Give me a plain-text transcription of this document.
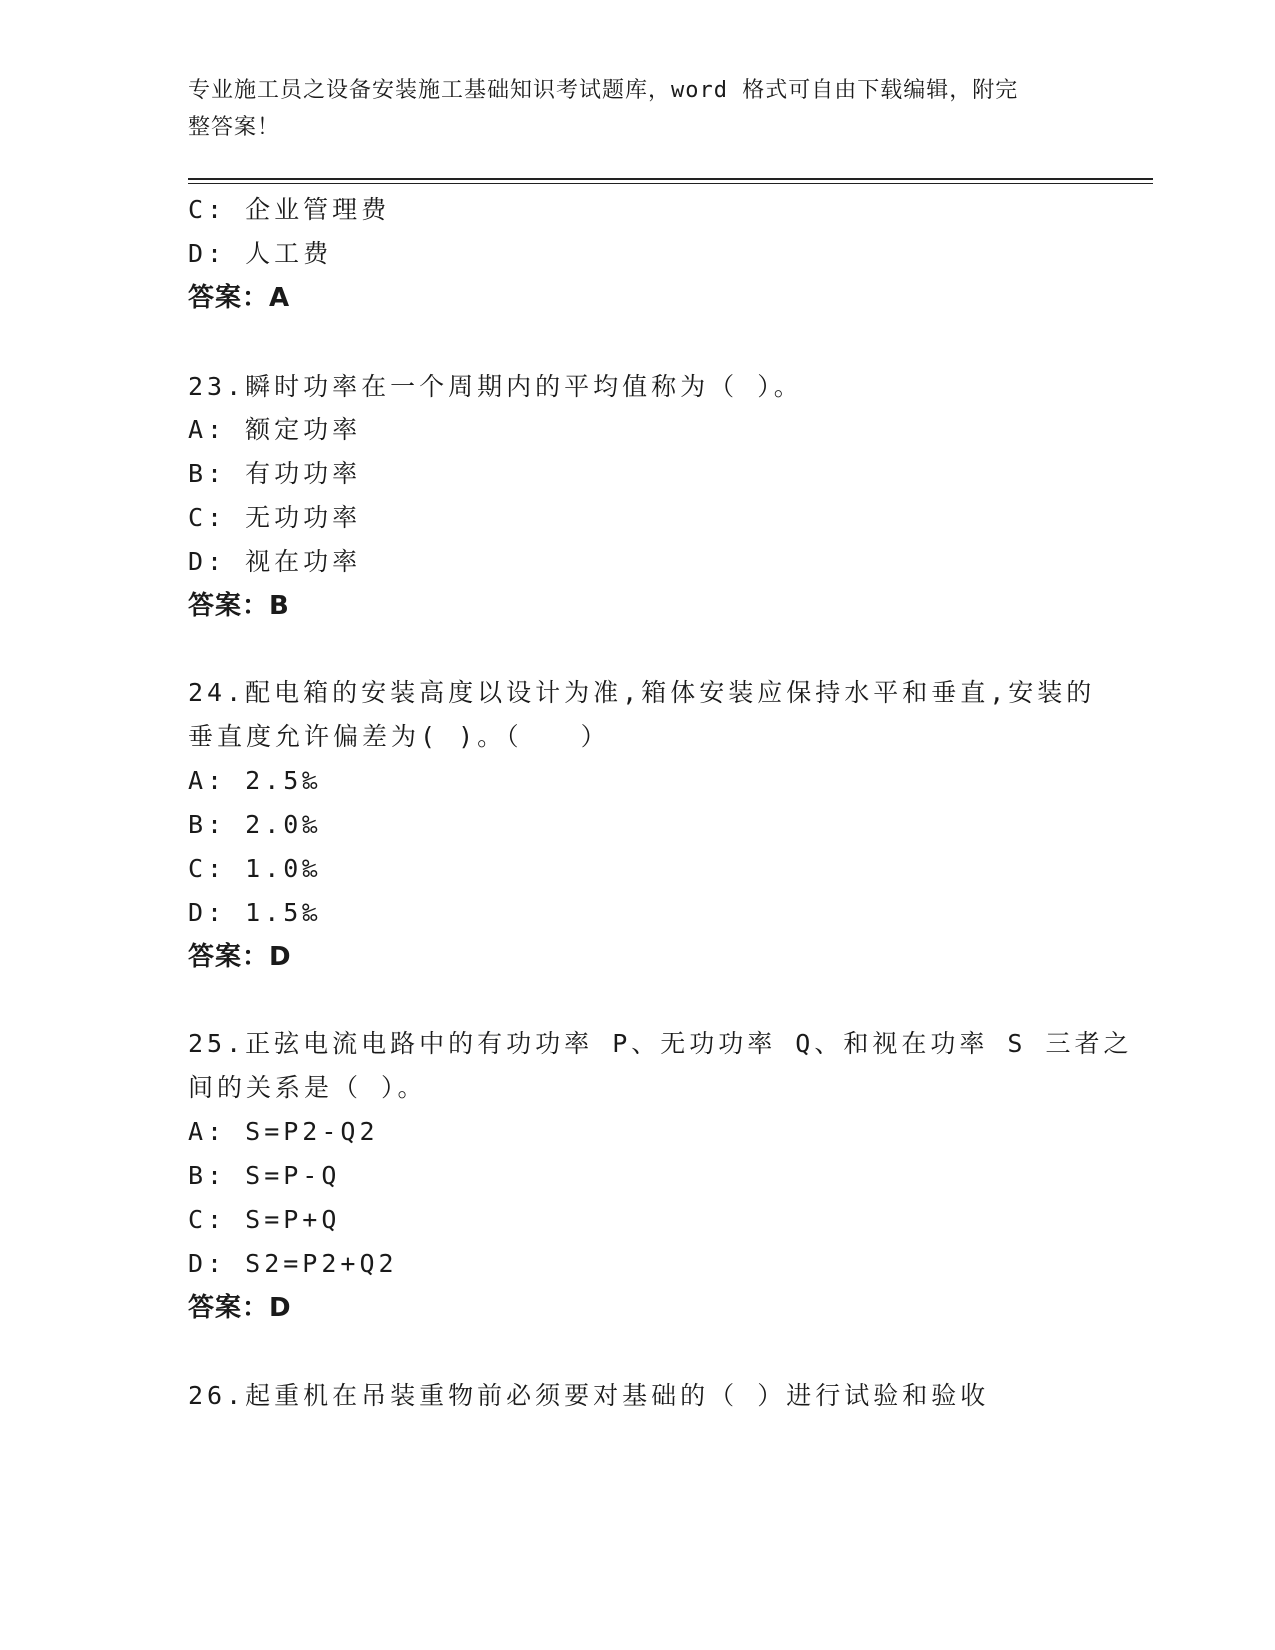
专业施工员之设备安装施工基础知识考试题库，word 格式可自由下载编辑，附完
整答案！
C: 企业管理费
D: 人工费
答案：A
23.瞬时功率在一个周期内的平均值称为（ ）。
A: 额定功率
B: 有功功率
C: 无功功率
D: 视在功率
答案：B
24.配电箱的安装高度以设计为准,箱体安装应保持水平和垂直,安装的
垂直度允许偏差为( )。（　　）
A: 2.5‰
B: 2.0‰
C: 1.0‰
D: 1.5‰
答案：D
25.正弦电流电路中的有功功率 P、无功功率 Q、和视在功率 S 三者之
间的关系是（ ）。
A: S=P2-Q2
B: S=P-Q
C: S=P+Q
D: S2=P2+Q2
答案：D
26.起重机在吊装重物前必须要对基础的（ ）进行试验和验收
